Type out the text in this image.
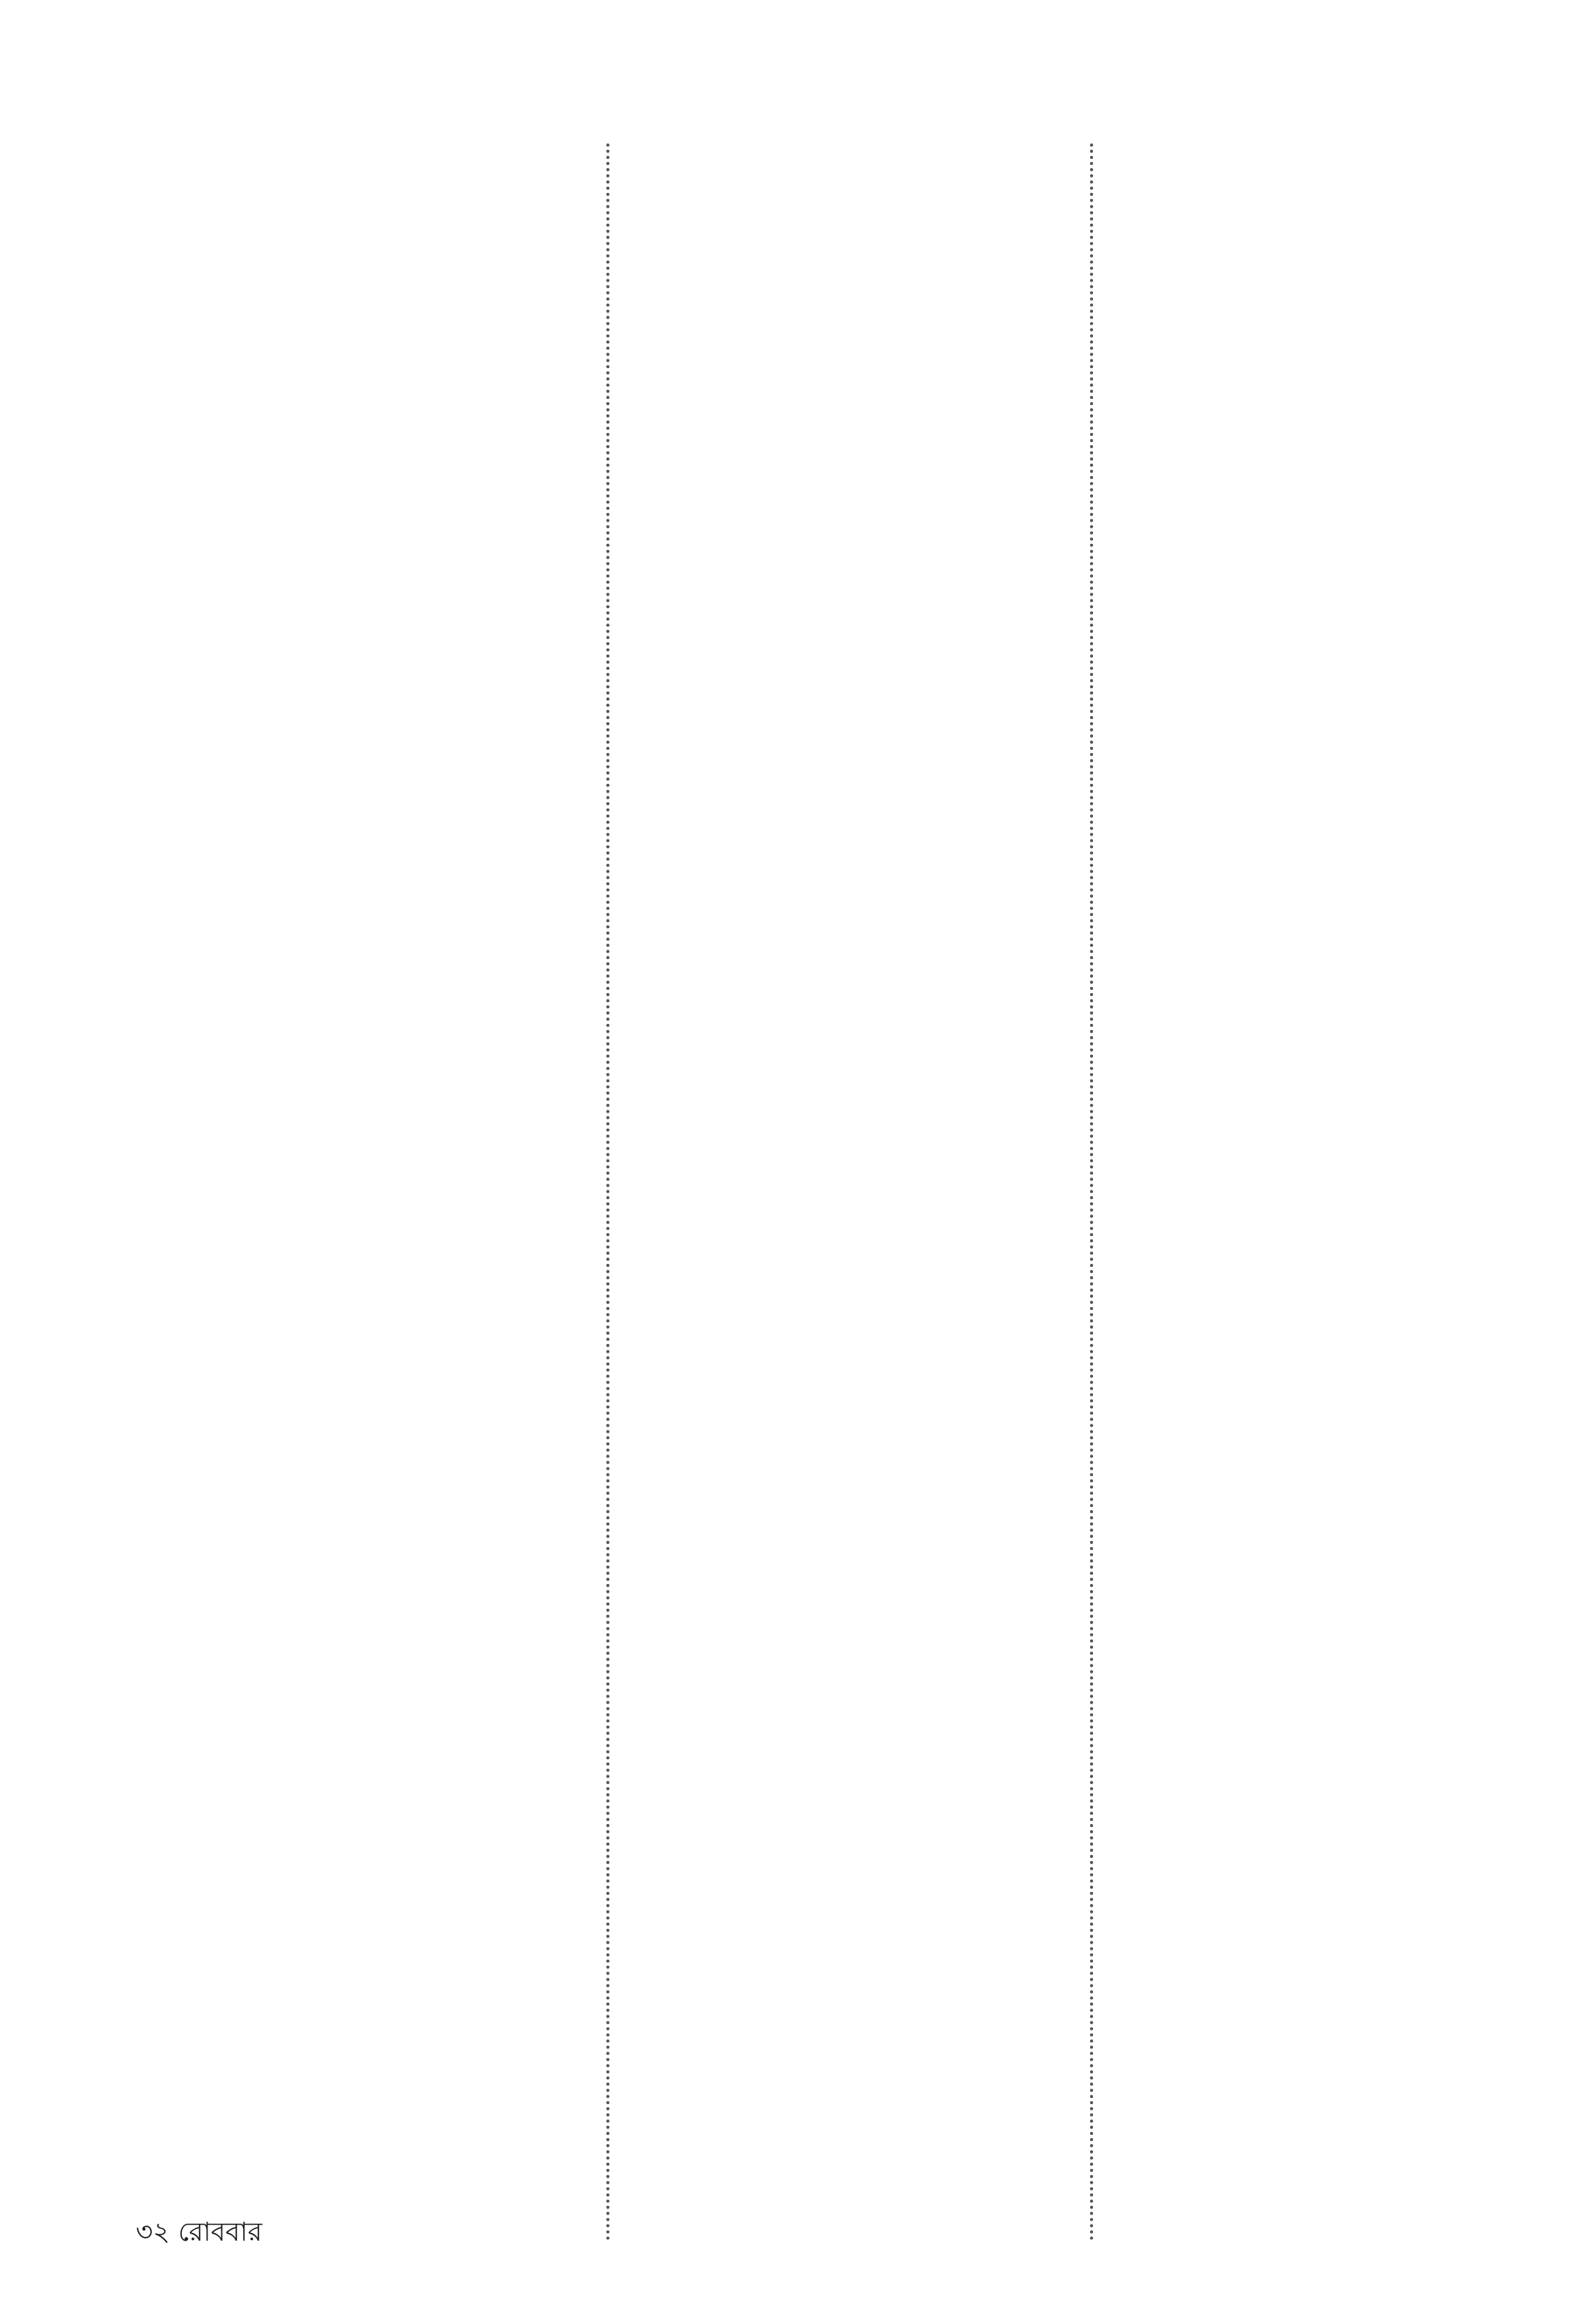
৩২ রোববার
